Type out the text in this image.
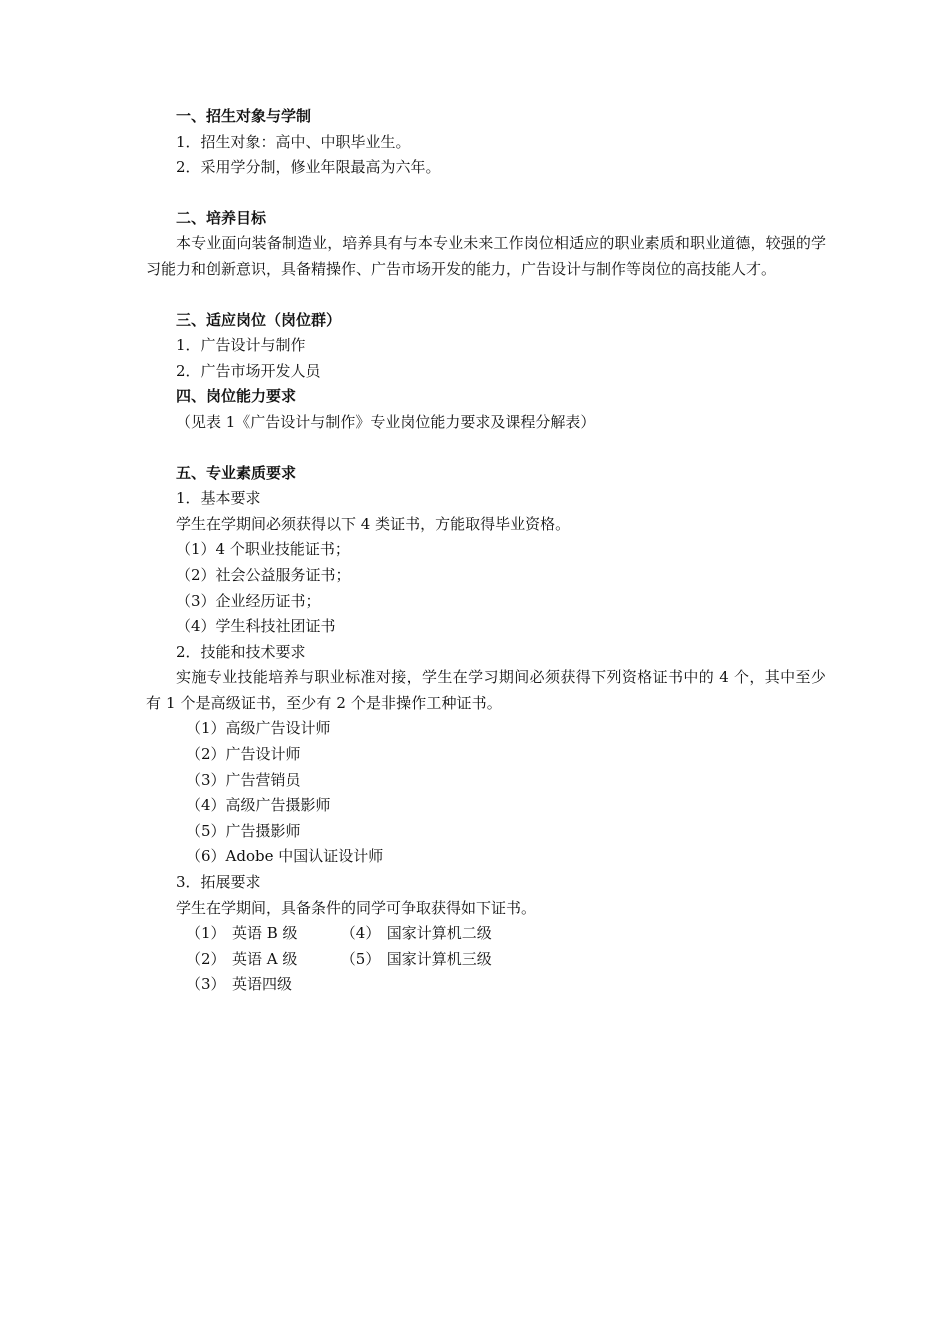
一、招生对象与学制
1．招生对象：高中、中职毕业生。
2．采用学分制，修业年限最高为六年。
二、培养目标
本专业面向装备制造业，培养具有与本专业未来工作岗位相适应的职业素质和职业道德，较强的学习能力和创新意识，具备精操作、广告市场开发的能力，广告设计与制作等岗位的高技能人才。
三、适应岗位（岗位群）
1．广告设计与制作
2．广告市场开发人员
四、岗位能力要求
（见表 1《广告设计与制作》专业岗位能力要求及课程分解表）
五、专业素质要求
1．基本要求
学生在学期间必须获得以下 4 类证书，方能取得毕业资格。
（1）4 个职业技能证书；
（2）社会公益服务证书；
（3）企业经历证书；
（4）学生科技社团证书
2．技能和技术要求
实施专业技能培养与职业标准对接，学生在学习期间必须获得下列资格证书中的 4 个，其中至少有 1 个是高级证书，至少有 2 个是非操作工种证书。
（1）高级广告设计师
（2）广告设计师
（3）广告营销员
（4）高级广告摄影师
（5）广告摄影师
（6）Adobe 中国认证设计师
3．拓展要求
学生在学期间，具备条件的同学可争取获得如下证书。
（1） 英语 B 级	（4） 国家计算机二级
（2） 英语 A 级	（5） 国家计算机三级
（3） 英语四级
